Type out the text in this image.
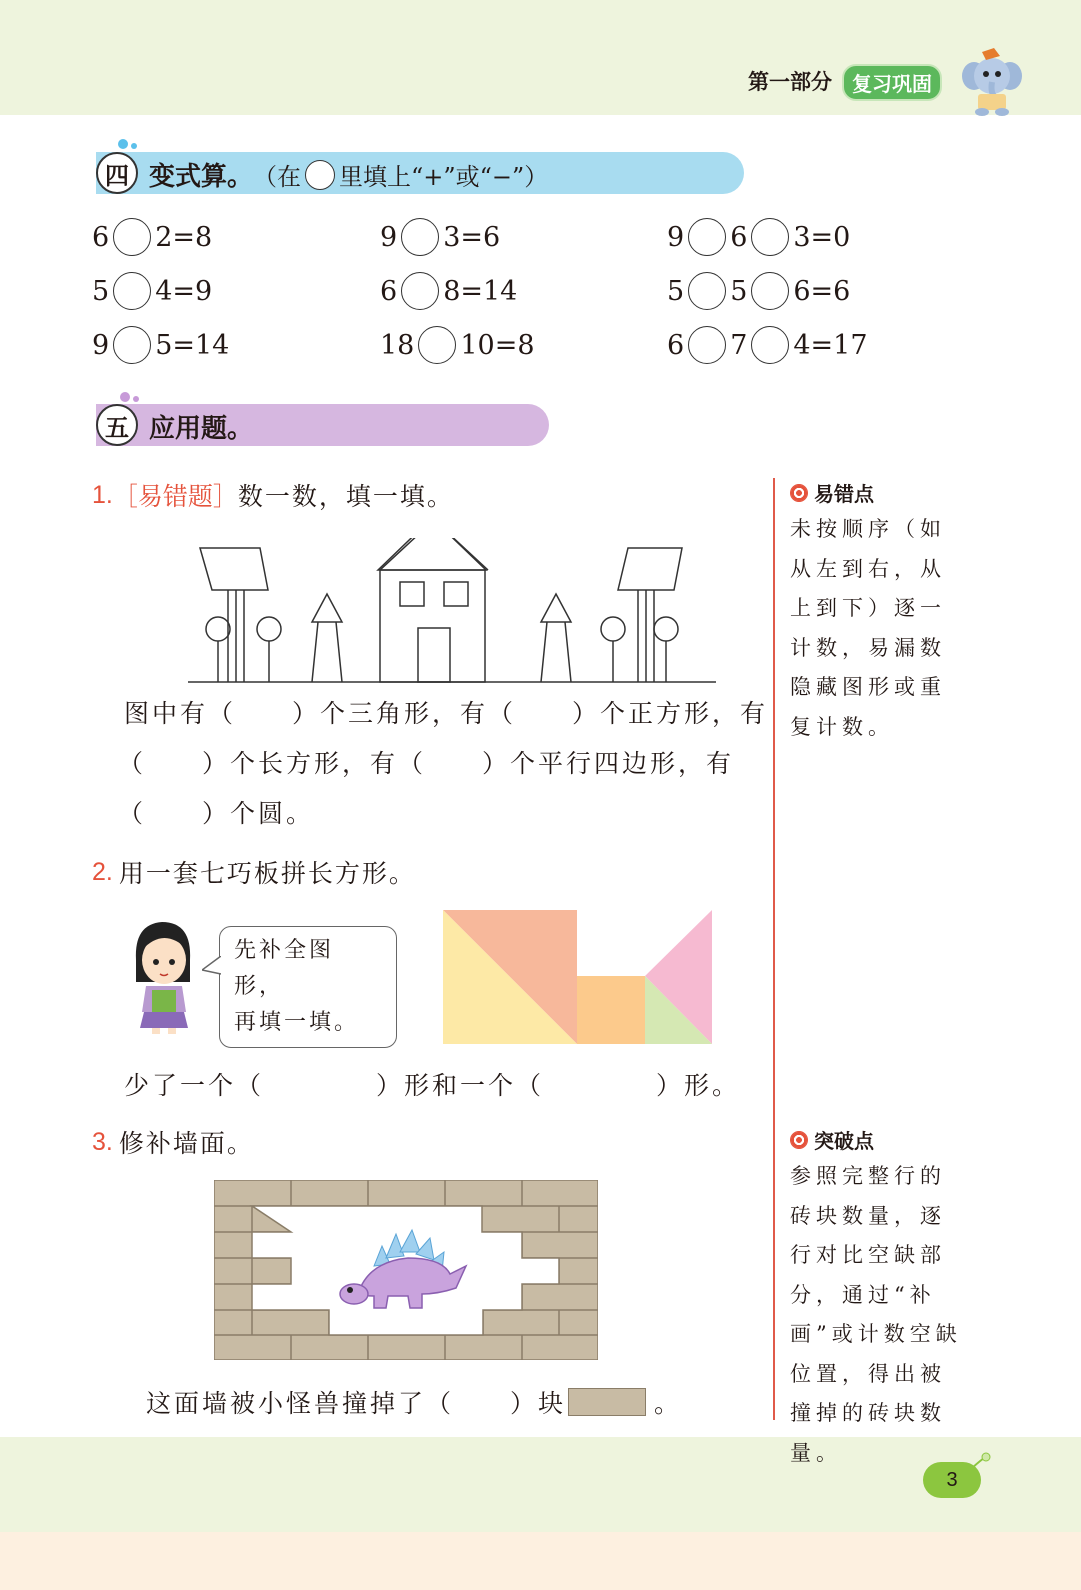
第一部分	复习巩固
四 变式算。 （在 里填上“+”或“−”）
6 2=8	9 3=6	9 6 3=0
5 4=9	6 8=14	5 5 6=6
9 5=14	18 10=8	6 7 4=17
五 应用题。
1. ［易错题］ 数一数，填一填。
图中有（　　）个三角形，有（　　）个正方形，有
（　　）个长方形，有（　　）个平行四边形，有
（　　）个圆。
2. 用一套七巧板拼长方形。
先补全图形，
再填一填。
少了一个（　　　　）形和一个（　　　　）形。
3. 修补墙面。
这面墙被小怪兽撞掉了（　　）块	。
易错点
未按顺序（如从左到右，从上到下）逐一计数，易漏数隐藏图形或重复计数。
突破点
参照完整行的砖块数量，逐行对比空缺部分，通过“补画”或计数空缺位置，得出被撞掉的砖块数量。
3
